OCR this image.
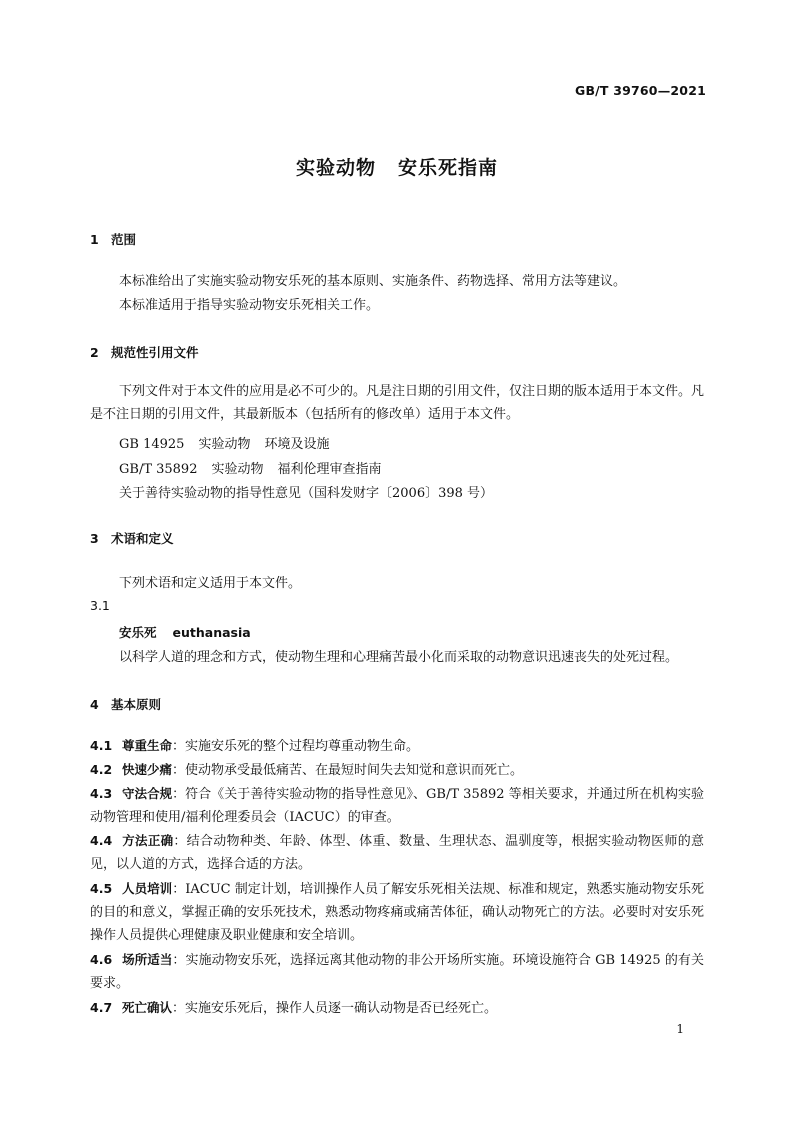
GB/T 39760—2021
实验动物 安乐死指南
1 范围
本标准给出了实施实验动物安乐死的基本原则、实施条件、药物选择、常用方法等建议。
本标准适用于指导实验动物安乐死相关工作。
2 规范性引用文件
下列文件对于本文件的应用是必不可少的。凡是注日期的引用文件，仅注日期的版本适用于本文件。凡是不注日期的引用文件，其最新版本（包括所有的修改单）适用于本文件。
GB 14925 实验动物 环境及设施
GB/T 35892 实验动物 福利伦理审查指南
关于善待实验动物的指导性意见（国科发财字〔2006〕398 号）
3 术语和定义
下列术语和定义适用于本文件。
3.1
安乐死 euthanasia
以科学人道的理念和方式，使动物生理和心理痛苦最小化而采取的动物意识迅速丧失的处死过程。
4 基本原则
4.1 尊重生命：实施安乐死的整个过程均尊重动物生命。
4.2 快速少痛：使动物承受最低痛苦、在最短时间失去知觉和意识而死亡。
4.3 守法合规：符合《关于善待实验动物的指导性意见》、GB/T 35892 等相关要求，并通过所在机构实验动物管理和使用/福利伦理委员会（IACUC）的审查。
4.4 方法正确：结合动物种类、年龄、体型、体重、数量、生理状态、温驯度等，根据实验动物医师的意见，以人道的方式，选择合适的方法。
4.5 人员培训：IACUC 制定计划，培训操作人员了解安乐死相关法规、标准和规定，熟悉实施动物安乐死的目的和意义，掌握正确的安乐死技术，熟悉动物疼痛或痛苦体征，确认动物死亡的方法。必要时对安乐死操作人员提供心理健康及职业健康和安全培训。
4.6 场所适当：实施动物安乐死，选择远离其他动物的非公开场所实施。环境设施符合 GB 14925 的有关要求。
4.7 死亡确认：实施安乐死后，操作人员逐一确认动物是否已经死亡。
1
